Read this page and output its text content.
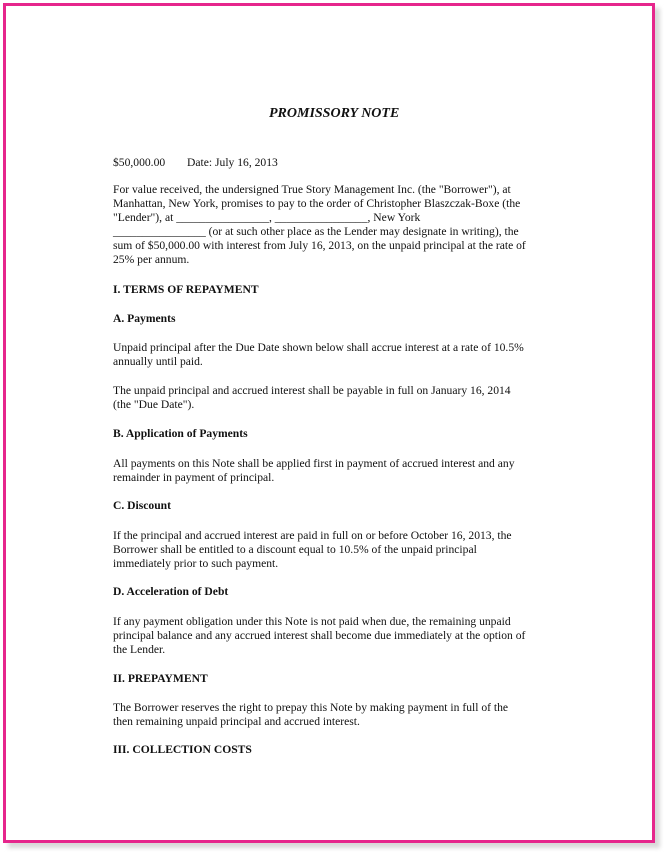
PROMISSORY NOTE

$50,000.00 Date: July 16, 2013

For value received, the undersigned True Story Management Inc. (the "Borrower"), at
Manhattan, New York, promises to pay to the order of Christopher Blaszczak-Boxe (the
"Lender"), at ________________, ________________, New York
________________ (or at such other place as the Lender may designate in writing), the
sum of $50,000.00 with interest from July 16, 2013, on the unpaid principal at the rate of
25% per annum.
I. TERMS OF REPAYMENT
A. Payments
Unpaid principal after the Due Date shown below shall accrue interest at a rate of 10.5%
annually until paid.
The unpaid principal and accrued interest shall be payable in full on January 16, 2014
(the "Due Date").
B. Application of Payments
All payments on this Note shall be applied first in payment of accrued interest and any
remainder in payment of principal.
C. Discount
If the principal and accrued interest are paid in full on or before October 16, 2013, the
Borrower shall be entitled to a discount equal to 10.5% of the unpaid principal
immediately prior to such payment.
D. Acceleration of Debt
If any payment obligation under this Note is not paid when due, the remaining unpaid
principal balance and any accrued interest shall become due immediately at the option of
the Lender.
II. PREPAYMENT
The Borrower reserves the right to prepay this Note by making payment in full of the
then remaining unpaid principal and accrued interest.
III. COLLECTION COSTS
